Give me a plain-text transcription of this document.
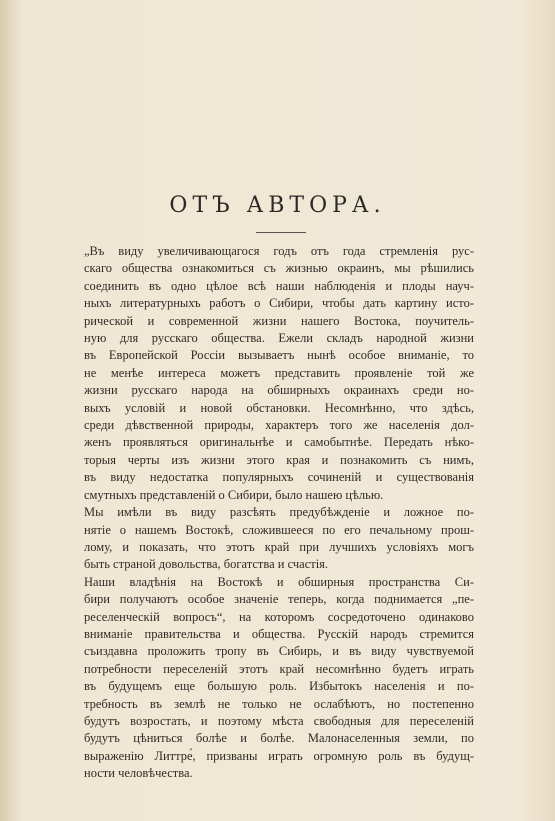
ОТЪ АВТОРА.
„Въ виду увеличивающагося годъ отъ года стремленія рус-
скаго общества ознакомиться съ жизнью окраинъ, мы рѣшились
соединить въ одно цѣлое всѣ наши наблюденія и плоды науч-
ныхъ литературныхъ работъ о Сибири, чтобы дать картину исто-
рической и современной жизни нашего Востока, поучитель-
ную для русскаго общества. Ежели складъ народной жизни
въ Европейской Россіи вызываетъ нынѣ особое вниманіе, то
не менѣе интереса можетъ представить проявленіе той же
жизни русскаго народа на обширныхъ окраинахъ среди но-
выхъ условій и новой обстановки. Несомнѣнно, что здѣсь,
среди дѣвственной природы, характеръ того же населенія дол-
женъ проявляться оригинальнѣе и самобытнѣе. Передать нѣко-
торыя черты изъ жизни этого края и познакомить съ нимъ,
въ виду недостатка популярныхъ сочиненій и существованія
смутныхъ представленій о Сибири, было нашею цѣлью.
Мы имѣли въ виду разсѣять предубѣжденіе и ложное по-
нятіе о нашемъ Востокѣ, сложившееся по его печальному прош-
лому, и показать, что этотъ край при лучшихъ условіяхъ могъ
быть страной довольства, богатства и счастія.
Наши владѣнія на Востокѣ и обширныя пространства Си-
бири получаютъ особое значеніе теперь, когда поднимается „пе-
реселенческій вопросъ“, на которомъ сосредоточено одинаково
вниманіе правительства и общества. Русскій народъ стремится
съиздавна проложить тропу въ Сибирь, и въ виду чувствуемой
потребности переселеній этотъ край несомнѣнно будетъ играть
въ будущемъ еще большую роль. Избытокъ населенія и по-
требность въ землѣ не только не ослабѣютъ, но постепенно
будутъ возростать, и поэтому мѣста свободныя для переселеній
будутъ цѣниться болѣе и болѣе. Малонаселенныя земли, по
выраженію Литтре́, призваны играть огромную роль въ будущ-
ности человѣчества.
